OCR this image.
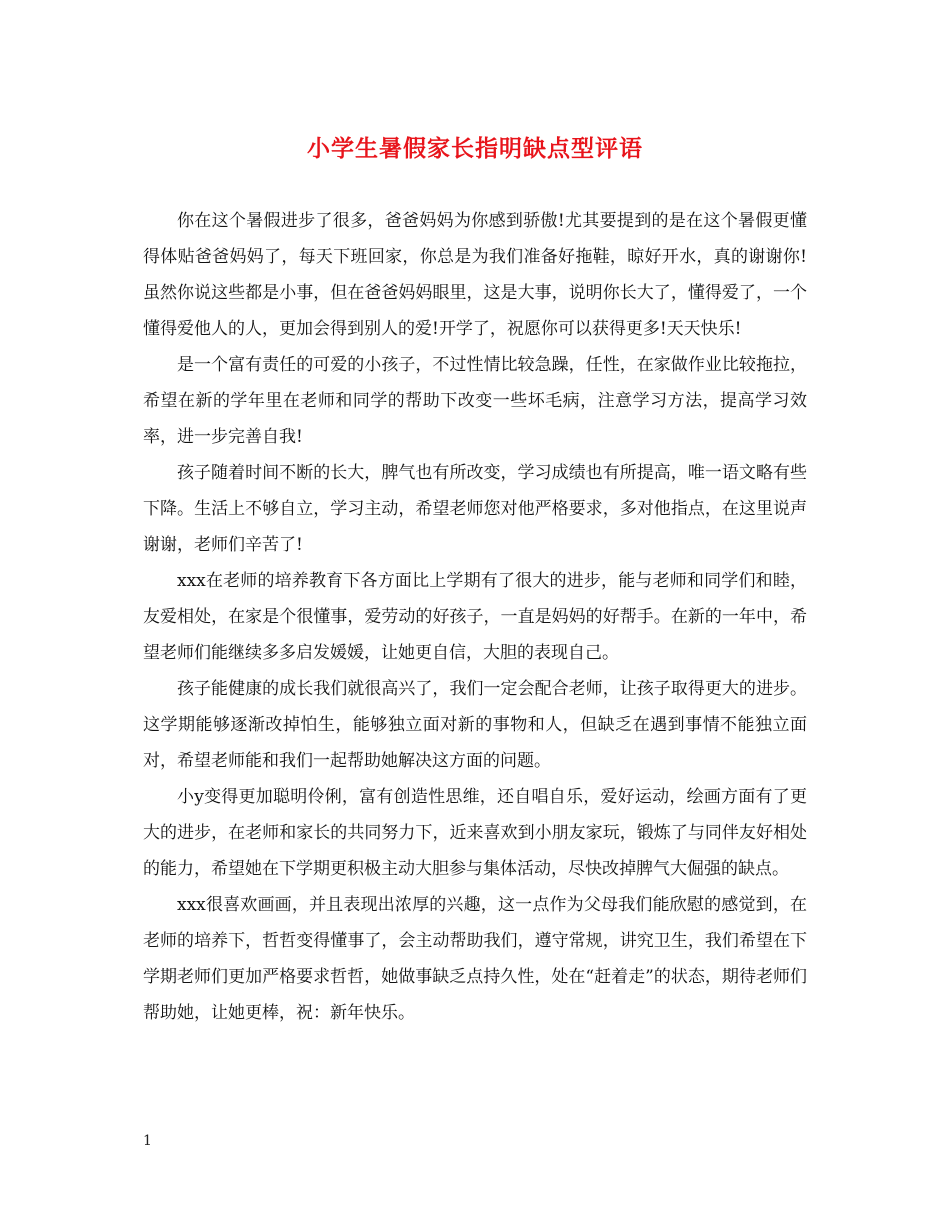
小学生暑假家长指明缺点型评语

你在这个暑假进步了很多，爸爸妈妈为你感到骄傲!尤其要提到的是在这个暑假更懂得体贴爸爸妈妈了，每天下班回家，你总是为我们准备好拖鞋，晾好开水，真的谢谢你!虽然你说这些都是小事，但在爸爸妈妈眼里，这是大事，说明你长大了，懂得爱了，一个懂得爱他人的人，更加会得到别人的爱!开学了，祝愿你可以获得更多!天天快乐!

是一个富有责任的可爱的小孩子，不过性情比较急躁，任性，在家做作业比较拖拉，希望在新的学年里在老师和同学的帮助下改变一些坏毛病，注意学习方法，提高学习效率，进一步完善自我!

孩子随着时间不断的长大，脾气也有所改变，学习成绩也有所提高，唯一语文略有些下降。生活上不够自立，学习主动，希望老师您对他严格要求，多对他指点，在这里说声谢谢，老师们辛苦了!

xxx在老师的培养教育下各方面比上学期有了很大的进步，能与老师和同学们和睦，友爱相处，在家是个很懂事，爱劳动的好孩子，一直是妈妈的好帮手。在新的一年中，希望老师们能继续多多启发媛媛，让她更自信，大胆的表现自己。

孩子能健康的成长我们就很高兴了，我们一定会配合老师，让孩子取得更大的进步。这学期能够逐渐改掉怕生，能够独立面对新的事物和人，但缺乏在遇到事情不能独立面对，希望老师能和我们一起帮助她解决这方面的问题。

小y变得更加聪明伶俐，富有创造性思维，还自唱自乐，爱好运动，绘画方面有了更大的进步，在老师和家长的共同努力下，近来喜欢到小朋友家玩，锻炼了与同伴友好相处的能力，希望她在下学期更积极主动大胆参与集体活动，尽快改掉脾气大倔强的缺点。

xxx很喜欢画画，并且表现出浓厚的兴趣，这一点作为父母我们能欣慰的感觉到，在老师的培养下，哲哲变得懂事了，会主动帮助我们，遵守常规，讲究卫生，我们希望在下学期老师们更加严格要求哲哲，她做事缺乏点持久性，处在“赶着走”的状态，期待老师们帮助她，让她更棒，祝：新年快乐。

1
